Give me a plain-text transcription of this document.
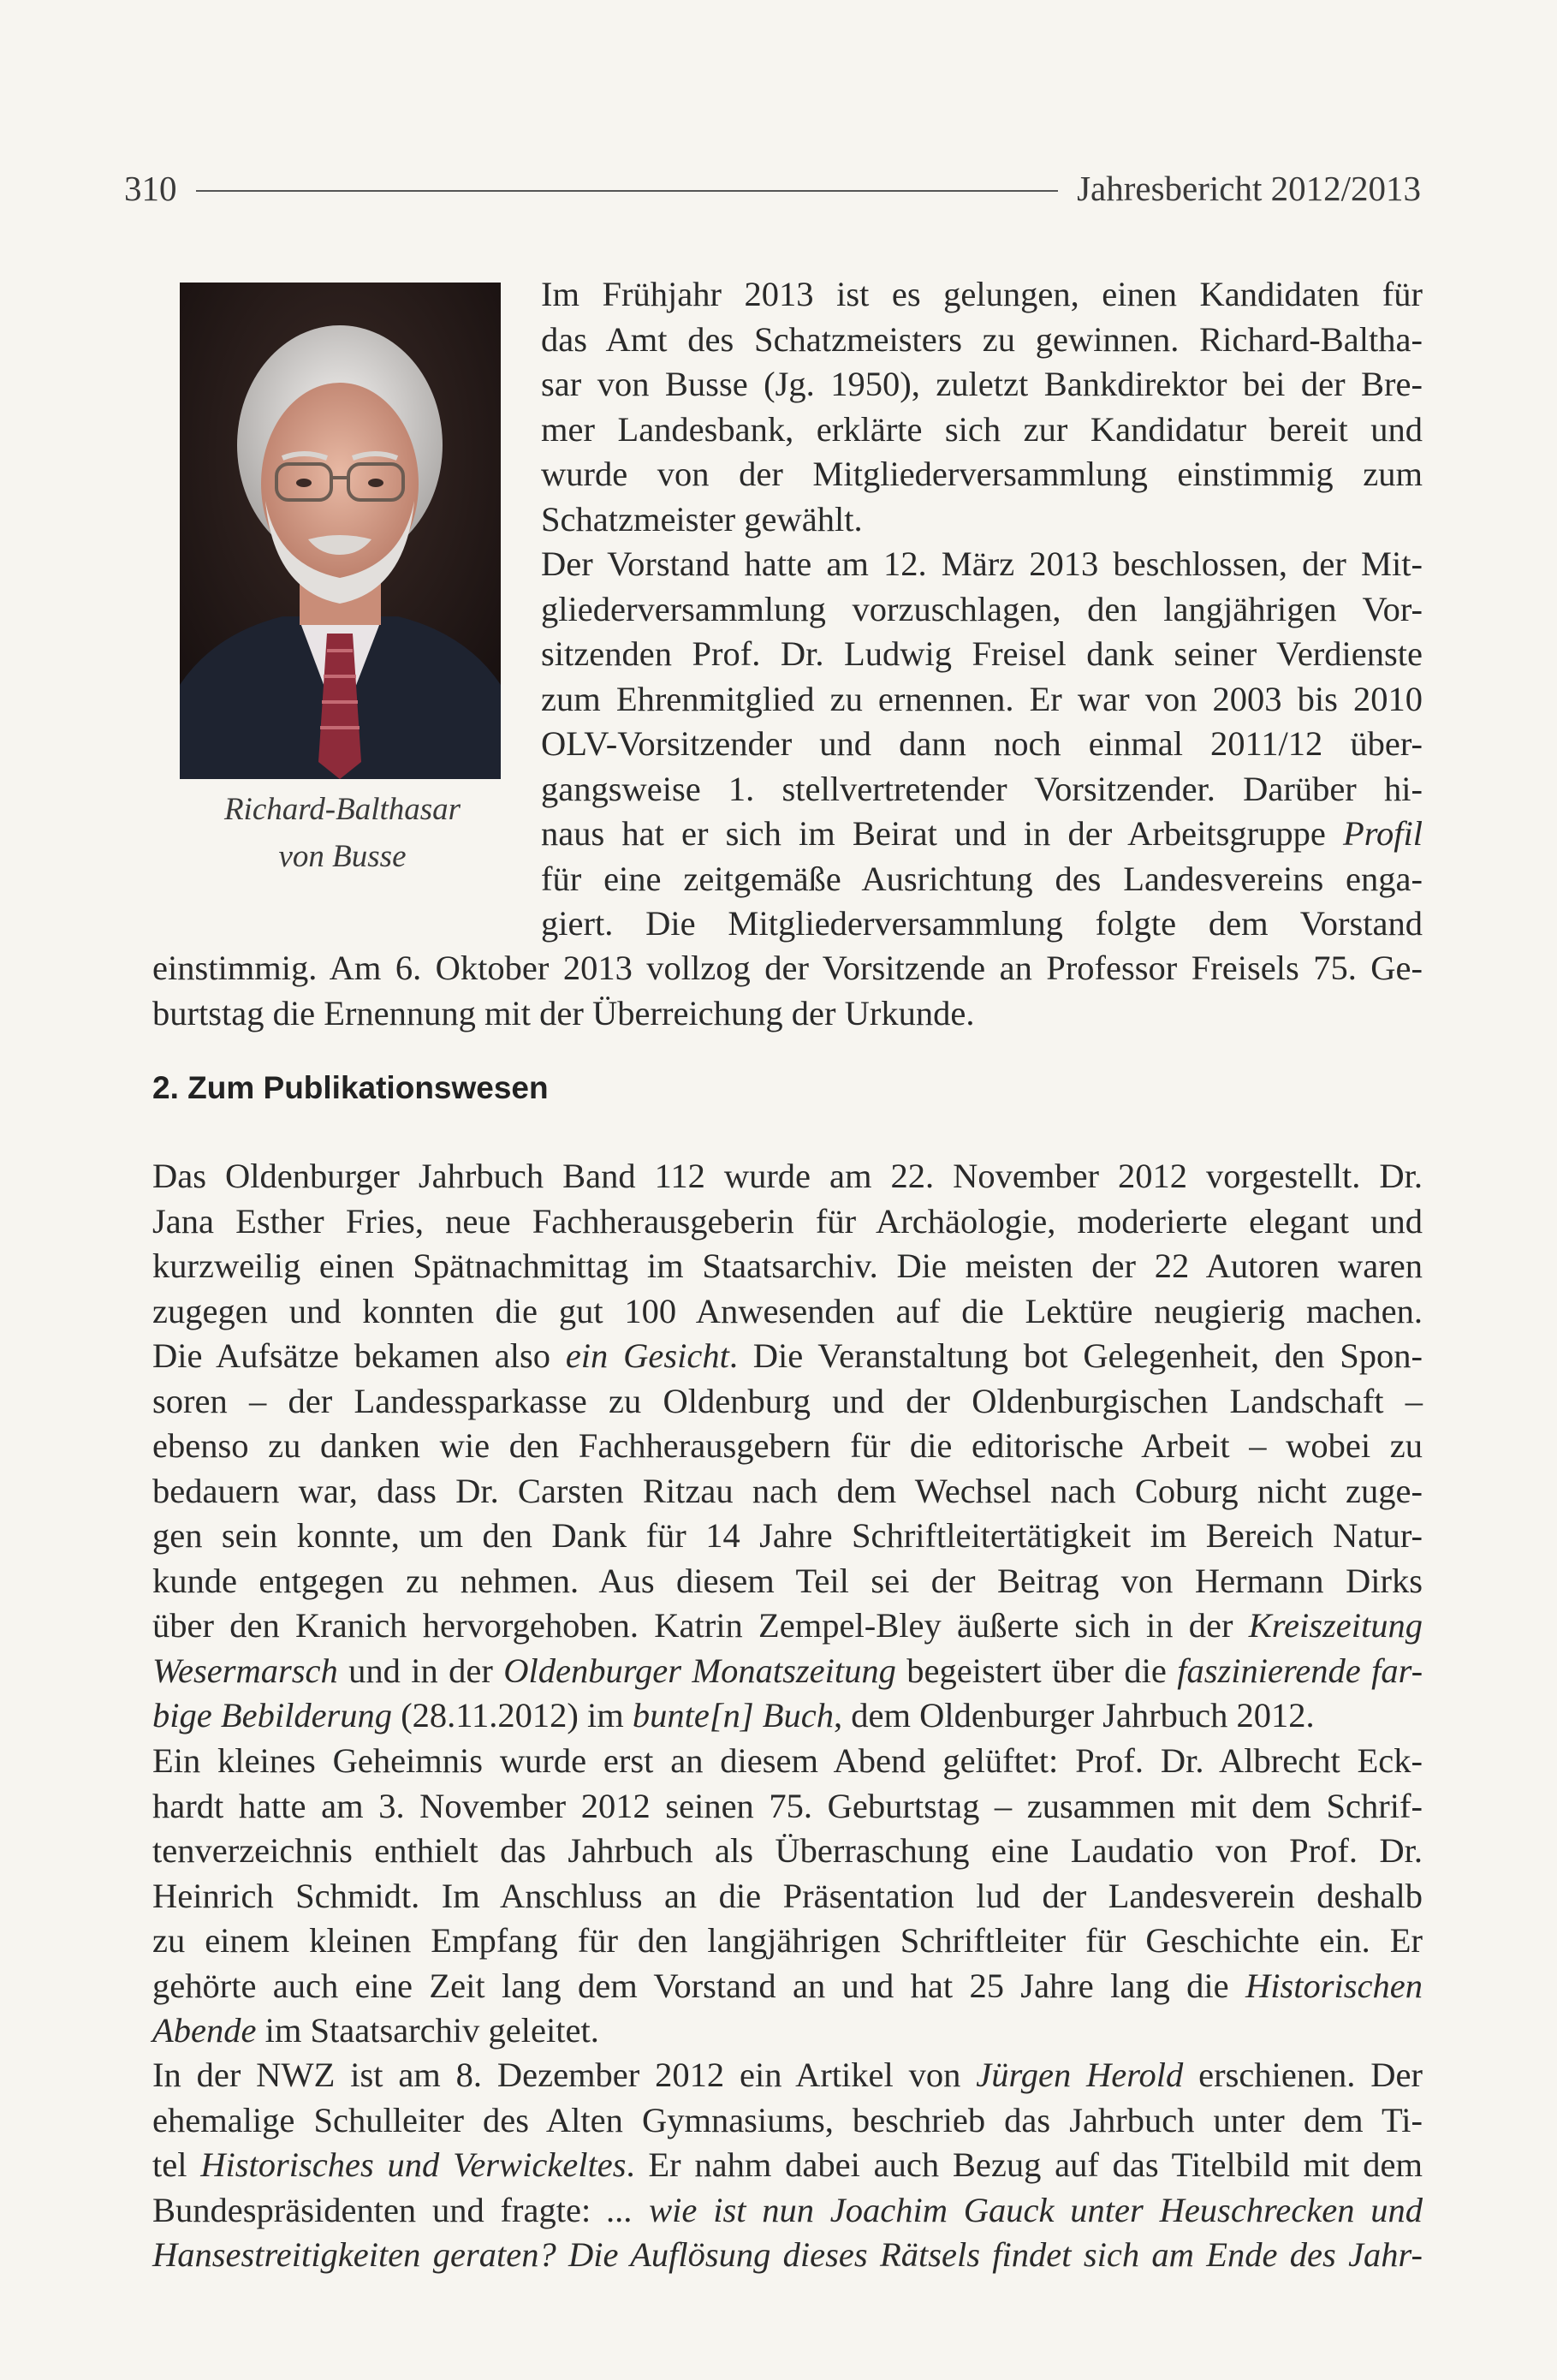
310	Jahresbericht 2012/2013
Richard-Balthasar
von Busse
Im Frühjahr 2013 ist es gelungen, einen Kandidaten für
das Amt des Schatzmeisters zu gewinnen. Richard-Baltha-
sar von Busse (Jg. 1950), zuletzt Bankdirektor bei der Bre-
mer Landesbank, erklärte sich zur Kandidatur bereit und
wurde von der Mitgliederversammlung einstimmig zum
Schatzmeister gewählt.
Der Vorstand hatte am 12. März 2013 beschlossen, der Mit-
gliederversammlung vorzuschlagen, den langjährigen Vor-
sitzenden Prof. Dr. Ludwig Freisel dank seiner Verdienste
zum Ehrenmitglied zu ernennen. Er war von 2003 bis 2010
OLV-Vorsitzender und dann noch einmal 2011/12 über-
gangsweise 1. stellvertretender Vorsitzender. Darüber hi-
naus hat er sich im Beirat und in der Arbeitsgruppe Profil
für eine zeitgemäße Ausrichtung des Landesvereins enga-
giert. Die Mitgliederversammlung folgte dem Vorstand
einstimmig. Am 6. Oktober 2013 vollzog der Vorsitzende an Professor Freisels 75. Ge-
burtstag die Ernennung mit der Überreichung der Urkunde.
2. Zum Publikationswesen
Das Oldenburger Jahrbuch Band 112 wurde am 22. November 2012 vorgestellt. Dr.
Jana Esther Fries, neue Fachherausgeberin für Archäologie, moderierte elegant und
kurzweilig einen Spätnachmittag im Staatsarchiv. Die meisten der 22 Autoren waren
zugegen und konnten die gut 100 Anwesenden auf die Lektüre neugierig machen.
Die Aufsätze bekamen also ein Gesicht. Die Veranstaltung bot Gelegenheit, den Spon-
soren – der Landessparkasse zu Oldenburg und der Oldenburgischen Landschaft –
ebenso zu danken wie den Fachherausgebern für die editorische Arbeit – wobei zu
bedauern war, dass Dr. Carsten Ritzau nach dem Wechsel nach Coburg nicht zuge-
gen sein konnte, um den Dank für 14 Jahre Schriftleitertätigkeit im Bereich Natur-
kunde entgegen zu nehmen. Aus diesem Teil sei der Beitrag von Hermann Dirks
über den Kranich hervorgehoben. Katrin Zempel-Bley äußerte sich in der Kreiszeitung
Wesermarsch und in der Oldenburger Monatszeitung begeistert über die faszinierende far-
bige Bebilderung (28.11.2012) im bunte[n] Buch, dem Oldenburger Jahrbuch 2012.
Ein kleines Geheimnis wurde erst an diesem Abend gelüftet: Prof. Dr. Albrecht Eck-
hardt hatte am 3. November 2012 seinen 75. Geburtstag – zusammen mit dem Schrif-
tenverzeichnis enthielt das Jahrbuch als Überraschung eine Laudatio von Prof. Dr.
Heinrich Schmidt. Im Anschluss an die Präsentation lud der Landesverein deshalb
zu einem kleinen Empfang für den langjährigen Schriftleiter für Geschichte ein. Er
gehörte auch eine Zeit lang dem Vorstand an und hat 25 Jahre lang die Historischen
Abende im Staatsarchiv geleitet.
In der NWZ ist am 8. Dezember 2012 ein Artikel von Jürgen Herold erschienen. Der
ehemalige Schulleiter des Alten Gymnasiums, beschrieb das Jahrbuch unter dem Ti-
tel Historisches und Verwickeltes. Er nahm dabei auch Bezug auf das Titelbild mit dem
Bundespräsidenten und fragte: ... wie ist nun Joachim Gauck unter Heuschrecken und
Hansestreitigkeiten geraten? Die Auflösung dieses Rätsels findet sich am Ende des Jahr-
